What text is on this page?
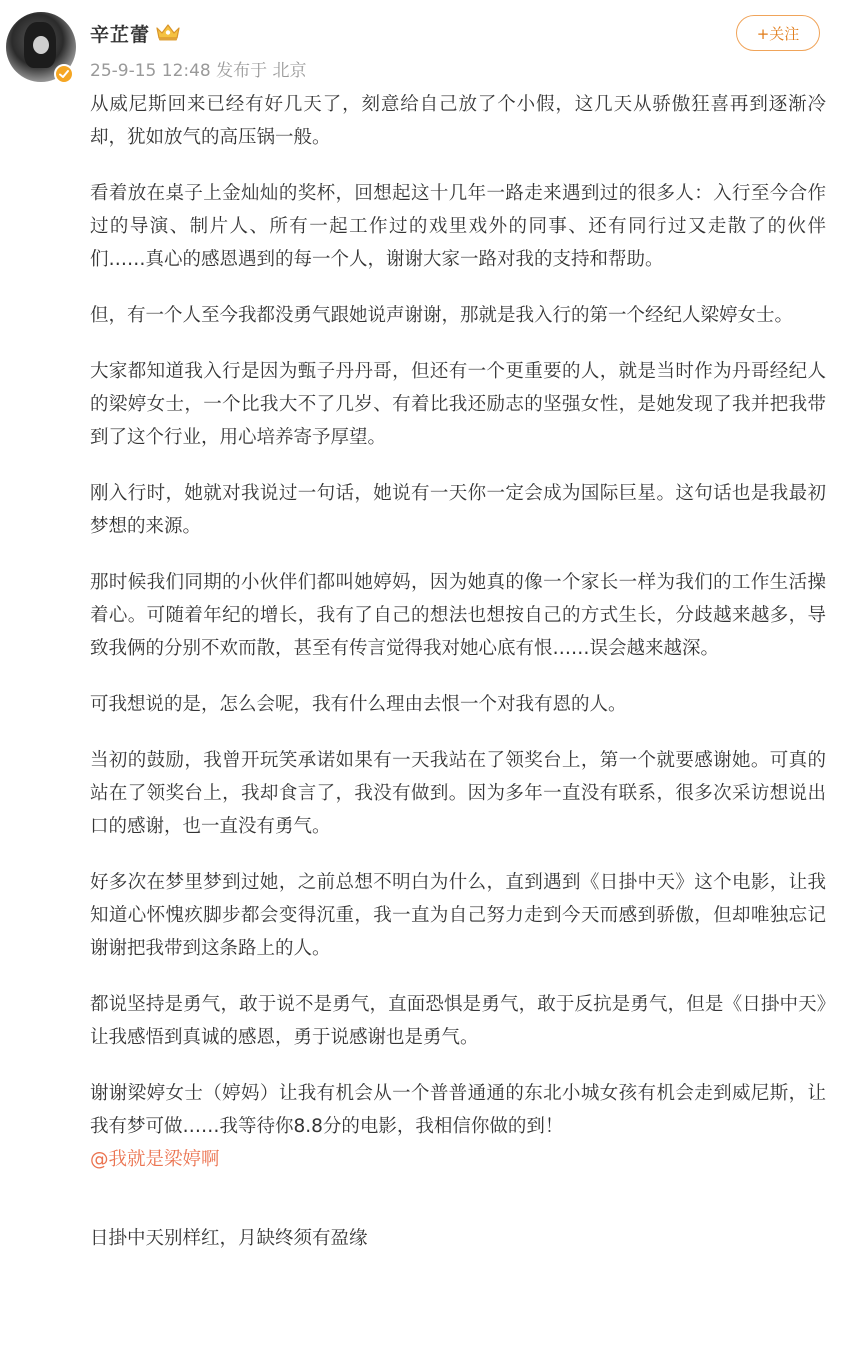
辛芷蕾
25-9-15 12:48 发布于 北京
+关注

从威尼斯回来已经有好几天了，刻意给自己放了个小假，这几天从骄傲狂喜再到逐渐冷却，犹如放气的高压锅一般。

看着放在桌子上金灿灿的奖杯，回想起这十几年一路走来遇到过的很多人：入行至今合作过的导演、制片人、所有一起工作过的戏里戏外的同事、还有同行过又走散了的伙伴们……真心的感恩遇到的每一个人，谢谢大家一路对我的支持和帮助。

但，有一个人至今我都没勇气跟她说声谢谢，那就是我入行的第一个经纪人梁婷女士。

大家都知道我入行是因为甄子丹丹哥，但还有一个更重要的人，就是当时作为丹哥经纪人的梁婷女士，一个比我大不了几岁、有着比我还励志的坚强女性，是她发现了我并把我带到了这个行业，用心培养寄予厚望。

刚入行时，她就对我说过一句话，她说有一天你一定会成为国际巨星。这句话也是我最初梦想的来源。

那时候我们同期的小伙伴们都叫她婷妈，因为她真的像一个家长一样为我们的工作生活操着心。可随着年纪的增长，我有了自己的想法也想按自己的方式生长，分歧越来越多，导致我俩的分别不欢而散，甚至有传言觉得我对她心底有恨……误会越来越深。

可我想说的是，怎么会呢，我有什么理由去恨一个对我有恩的人。

当初的鼓励，我曾开玩笑承诺如果有一天我站在了领奖台上，第一个就要感谢她。可真的站在了领奖台上，我却食言了，我没有做到。因为多年一直没有联系，很多次采访想说出口的感谢，也一直没有勇气。

好多次在梦里梦到过她，之前总想不明白为什么，直到遇到《日掛中天》这个电影，让我知道心怀愧疚脚步都会变得沉重，我一直为自己努力走到今天而感到骄傲，但却唯独忘记谢谢把我带到这条路上的人。

都说坚持是勇气，敢于说不是勇气，直面恐惧是勇气，敢于反抗是勇气，但是《日掛中天》让我感悟到真诚的感恩，勇于说感谢也是勇气。

谢谢梁婷女士（婷妈）让我有机会从一个普普通通的东北小城女孩有机会走到威尼斯，让我有梦可做……我等待你8.8分的电影，我相信你做的到！

@我就是梁婷啊
日掛中天别样红，月缺终须有盈缘
